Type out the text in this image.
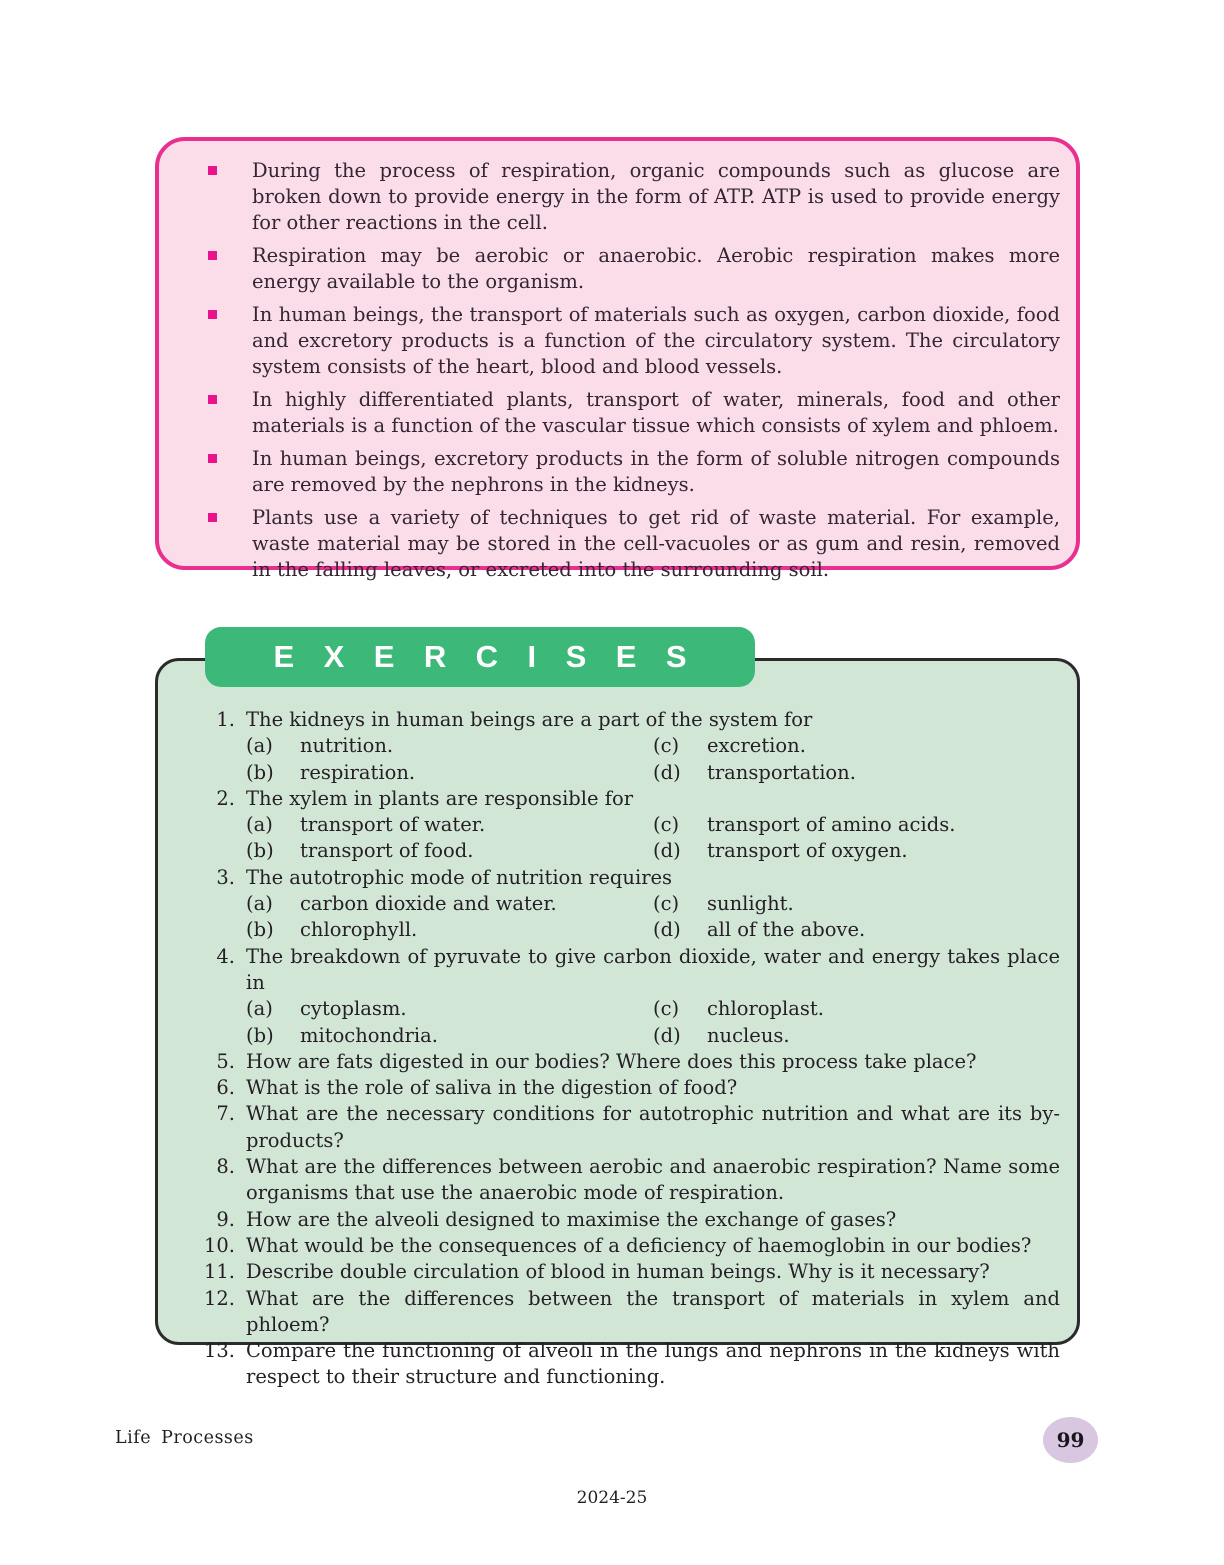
During the process of respiration, organic compounds such as glucose are broken down to provide energy in the form of ATP. ATP is used to provide energy for other reactions in the cell.
Respiration may be aerobic or anaerobic. Aerobic respiration makes more energy available to the organism.
In human beings, the transport of materials such as oxygen, carbon dioxide, food and excretory products is a function of the circulatory system. The circulatory system consists of the heart, blood and blood vessels.
In highly differentiated plants, transport of water, minerals, food and other materials is a function of the vascular tissue which consists of xylem and phloem.
In human beings, excretory products in the form of soluble nitrogen compounds are removed by the nephrons in the kidneys.
Plants use a variety of techniques to get rid of waste material. For example, waste material may be stored in the cell-vacuoles or as gum and resin, removed in the falling leaves, or excreted into the surrounding soil.
EXERCISES
1. The kidneys in human beings are a part of the system for
(a)	nutrition.
(b)	respiration.
(c)	excretion.
(d)	transportation.
2. The xylem in plants are responsible for
(a)	transport of water.
(b)	transport of food.
(c)	transport of amino acids.
(d)	transport of oxygen.
3. The autotrophic mode of nutrition requires
(a)	carbon dioxide and water.
(b)	chlorophyll.
(c)	sunlight.
(d)	all of the above.
4. The breakdown of pyruvate to give carbon dioxide, water and energy takes place in
(a)	cytoplasm.
(b)	mitochondria.
(c)	chloroplast.
(d)	nucleus.
5. How are fats digested in our bodies? Where does this process take place?
6. What is the role of saliva in the digestion of food?
7. What are the necessary conditions for autotrophic nutrition and what are its by-products?
8. What are the differences between aerobic and anaerobic respiration? Name some organisms that use the anaerobic mode of respiration.
9. How are the alveoli designed to maximise the exchange of gases?
10. What would be the consequences of a deficiency of haemoglobin in our bodies?
11. Describe double circulation of blood in human beings. Why is it necessary?
12. What are the differences between the transport of materials in xylem and phloem?
13. Compare the functioning of alveoli in the lungs and nephrons in the kidneys with respect to their structure and functioning.
Life Processes	99
2024-25
